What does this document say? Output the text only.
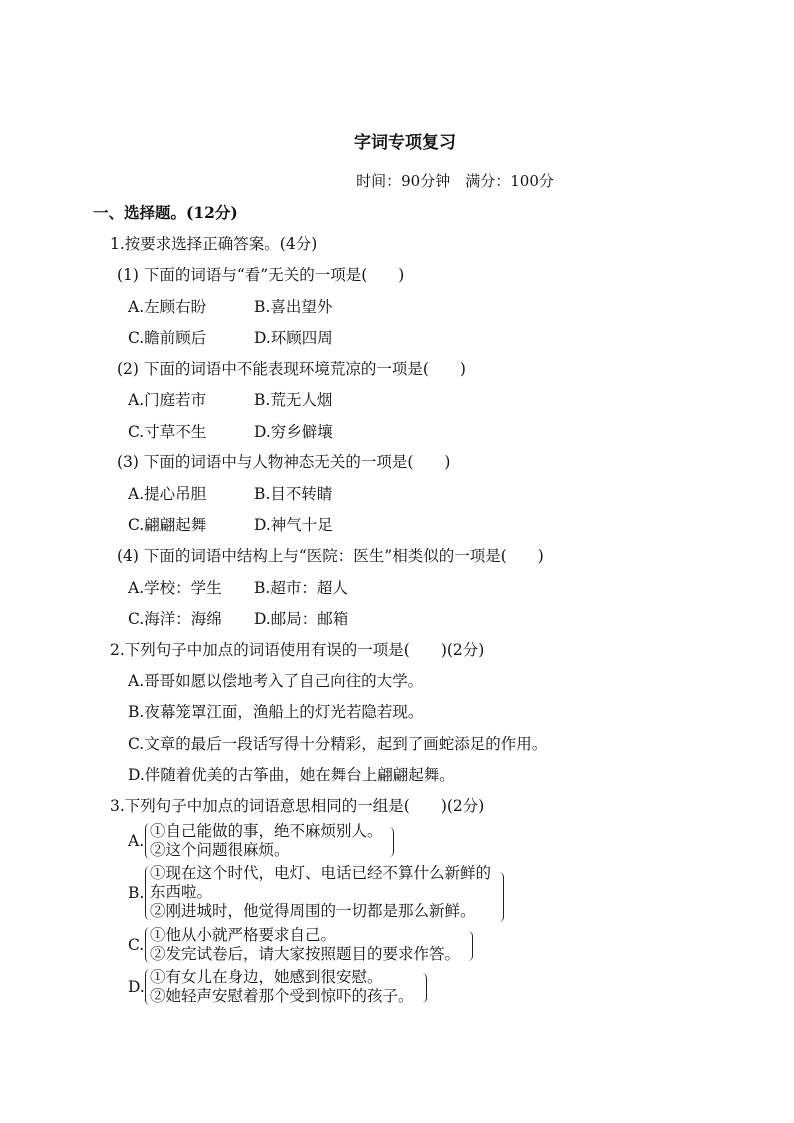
字词专项复习
时间：90分钟　满分：100分
一、选择题。(12分)
1.按要求选择正确答案。(4分)
(1) 下面的词语与“看”无关的一项是(　　)
A.左顾右盼	B.喜出望外
C.瞻前顾后	D.环顾四周
(2) 下面的词语中不能表现环境荒凉的一项是(　　)
A.门庭若市	B.荒无人烟
C.寸草不生	D.穷乡僻壤
(3) 下面的词语中与人物神态无关的一项是(　　)
A.提心吊胆	B.目不转睛
C.翩翩起舞	D.神气十足
(4) 下面的词语中结构上与“医院：医生”相类似的一项是(　　)
A.学校：学生 B.超市：超人
C.海洋：海绵 D.邮局：邮箱
2.下列句子中加点的词语使用有误的一项是(　　)(2分)
A.哥哥如愿以偿地考入了自己向往的大学。
B.夜幕笼罩江面，渔船上的灯光若隐若现。
C.文章的最后一段话写得十分精彩，起到了画蛇添足的作用。
D.伴随着优美的古筝曲，她在舞台上翩翩起舞。
3.下列句子中加点的词语意思相同的一组是(　　)(2分)
A.
①自己能做的事，绝不麻烦别人。
②这个问题很麻烦。
B.
①现在这个时代，电灯、电话已经不算什么新鲜的
东西啦。
②刚进城时，他觉得周围的一切都是那么新鲜。
C.
①他从小就严格要求自己。
②发完试卷后，请大家按照题目的要求作答。
D.
①有女儿在身边，她感到很安慰。
②她轻声安慰着那个受到惊吓的孩子。
